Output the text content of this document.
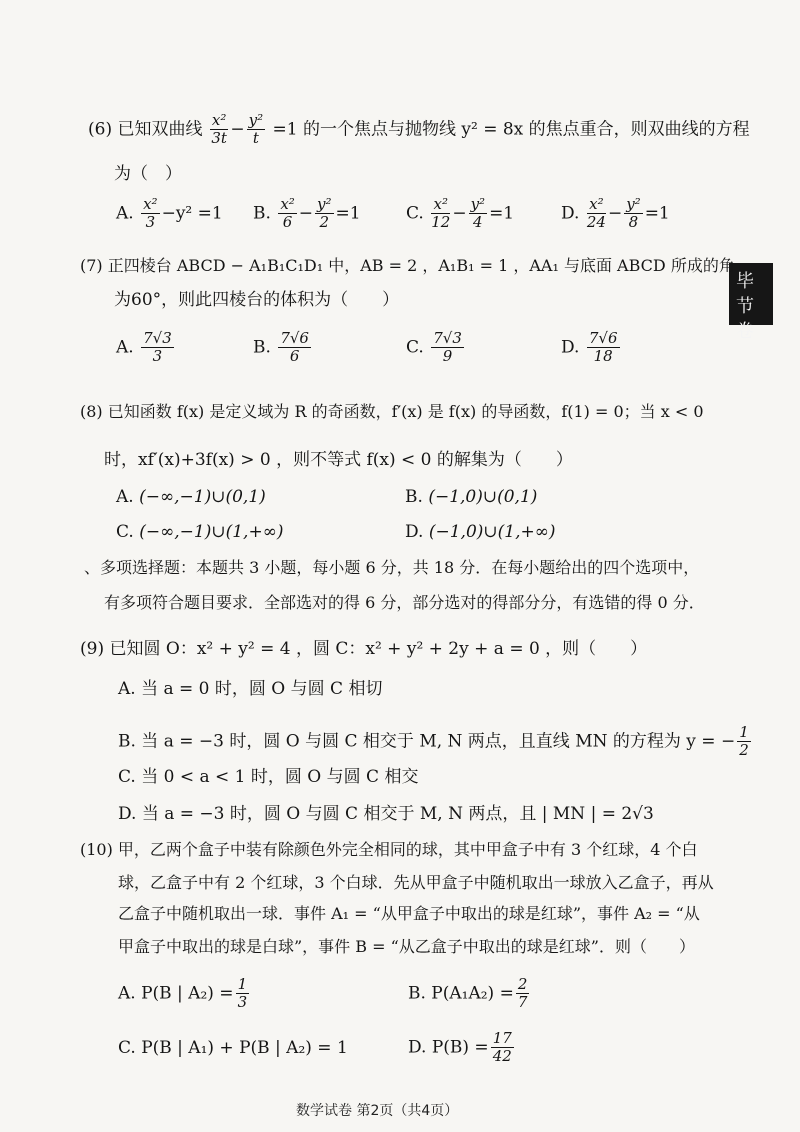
毕节卷
(6) 已知双曲线 $\frac{\text{x²}}{3t} - \frac{\text{y²}}{t} =1$ 的一个焦点与抛物线 y² = 8x 的焦点重合，则双曲线的方程
为（　）
A. $\frac{\text{x²}}{3} -y^2 =1$ B. $\frac{\text{x²}}{6} - \frac{\text{y²}}{2} =1$	C. $\frac{\text{x²}}{12} - \frac{\text{y²}}{4} =1$	D. $\frac{\text{x²}}{24} - \frac{\text{y²}}{8} =1$
(7) 正四棱台 ABCD − A₁B₁C₁D₁ 中，AB = 2 ，A₁B₁ = 1 ，AA₁ 与底面 ABCD 所成的角
为60°，则此四棱台的体积为（　　）
A. $\frac{7√3}{3}$	B. $\frac{7√6}{6}$	C. $\frac{7√3}{9}$	D. $\frac{7√6}{18}$
(8) 已知函数 f(x) 是定义域为 R 的奇函数，f′(x) 是 f(x) 的导函数，f(1) = 0；当 x < 0
时，xf′(x)+3f(x) > 0 ，则不等式 f(x) < 0 的解集为（　　）
A. (−∞,−1)∪(0,1)	B. (−1,0)∪(0,1)
C. (−∞,−1)∪(1,+∞)	D. (−1,0)∪(1,+∞)
、多项选择题：本题共 3 小题，每小题 6 分，共 18 分．在每小题给出的四个选项中，
有多项符合题目要求．全部选对的得 6 分，部分选对的得部分分，有选错的得 0 分．
(9) 已知圆 O：x² + y² = 4 ，圆 C：x² + y² + 2y + a = 0 ，则（　　）
A. 当 a = 0 时，圆 O 与圆 C 相切
B. 当 a = −3 时，圆 O 与圆 C 相交于 M, N 两点，且直线 MN 的方程为 y = − $\frac{1}{2}$
C. 当 0 < a < 1 时，圆 O 与圆 C 相交
D. 当 a = −3 时，圆 O 与圆 C 相交于 M, N 两点，且 | MN | = 2√3
(10) 甲，乙两个盒子中装有除颜色外完全相同的球，其中甲盒子中有 3 个红球，4 个白
球，乙盒子中有 2 个红球，3 个白球．先从甲盒子中随机取出一球放入乙盒子，再从
乙盒子中随机取出一球．事件 A₁ = “从甲盒子中取出的球是红球”，事件 A₂ = “从
甲盒子中取出的球是白球”，事件 B = “从乙盒子中取出的球是红球”．则（　　）
A. P(B | $A_2) = \frac{1}{3}$	B. $P(A_1A_2) = \frac{2}{7}$
C. P(B | A₁) + P(B | A₂) = 1	D. $P(B) = \frac{17}{42}$
数学试卷 第2页（共4页）
